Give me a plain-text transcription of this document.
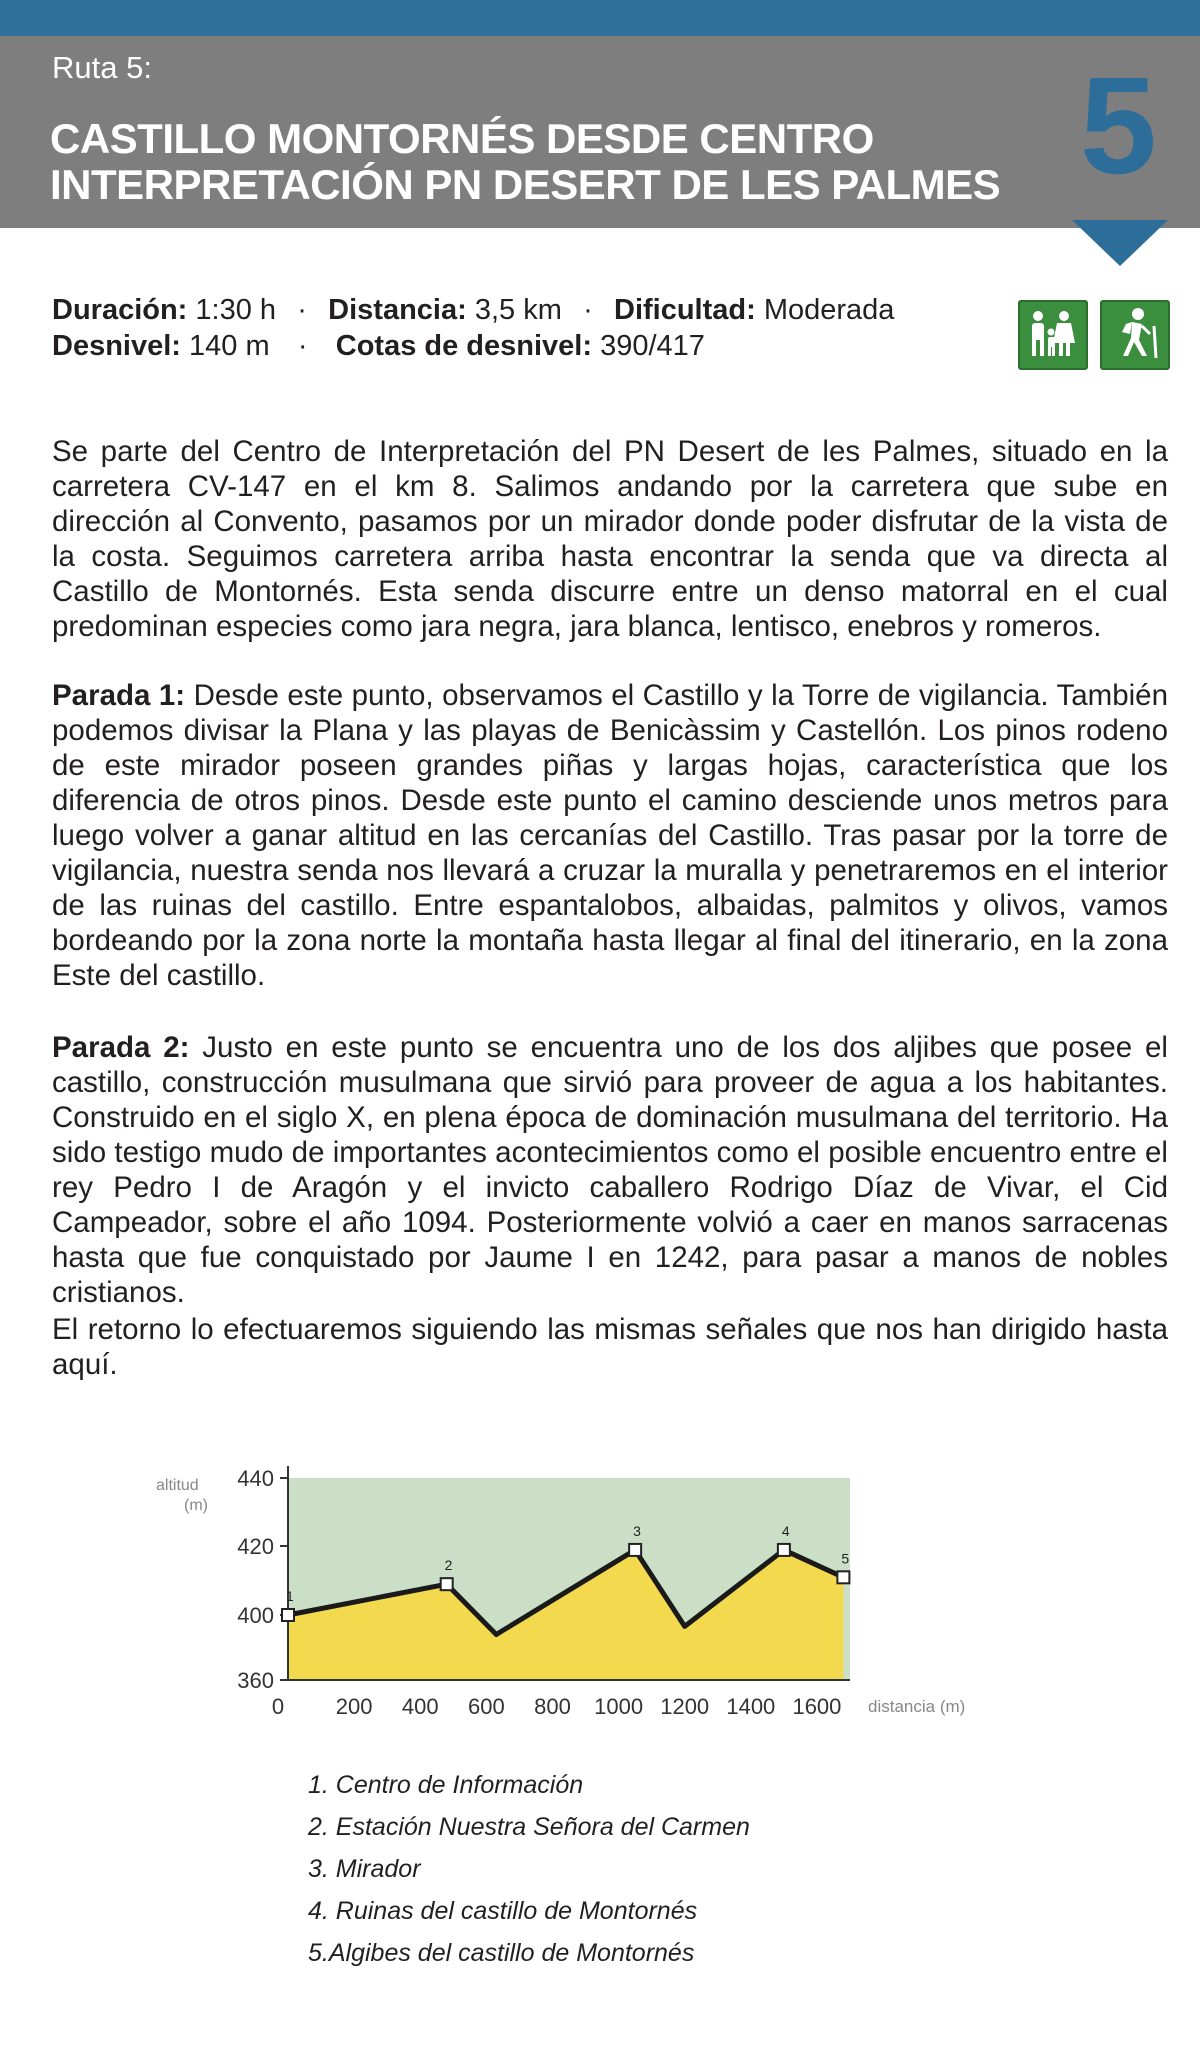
Ruta 5:
CASTILLO MONTORNÉS DESDE CENTRO
INTERPRETACIÓN PN DESERT DE LES PALMES 5
Duración: 1:30 h · Distancia: 3,5 km · Dificultad: Moderada
Desnivel: 140 m · Cotas de desnivel: 390/417

Se parte del Centro de Interpretación del PN Desert de les Palmes, situado en la carretera CV-147 en el km 8. Salimos andando por la carretera que sube en dirección al Convento, pasamos por un mirador donde poder disfrutar de la vista de la costa. Seguimos carretera arriba hasta encontrar la senda que va directa al Castillo de Montornés. Esta senda discurre entre un denso matorral en el cual predominan especies como jara negra, jara blanca, lentisco, enebros y romeros.

Parada 1: Desde este punto, observamos el Castillo y la Torre de vigilancia. También podemos divisar la Plana y las playas de Benicàssim y Castellón. Los pinos rodeno de este mirador poseen grandes piñas y largas hojas, característica que los diferencia de otros pinos. Desde este punto el camino desciende unos metros para luego volver a ganar altitud en las cercanías del Castillo. Tras pasar por la torre de vigilancia, nuestra senda nos llevará a cruzar la muralla y penetraremos en el interior de las ruinas del castillo. Entre espantalobos, albaidas, palmitos y olivos, vamos bordeando por la zona norte la montaña hasta llegar al final del itinerario, en la zona Este del castillo.

Parada 2: Justo en este punto se encuentra uno de los dos aljibes que posee el castillo, construcción musulmana que sirvió para proveer de agua a los habitantes. Construido en el siglo X, en plena época de dominación musulmana del territorio. Ha sido testigo mudo de importantes acontecimientos como el posible encuentro entre el rey Pedro I de Aragón y el invicto caballero Rodrigo Díaz de Vivar, el Cid Campeador, sobre el año 1094. Posteriormente volvió a caer en manos sarracenas hasta que fue conquistado por Jaume I en 1242, para pasar a manos de nobles cristianos.

El retorno lo efectuaremos siguiendo las mismas señales que nos han dirigido hasta aquí.

360
400
420
440
0 200 400 600 800 1000 1200 1400 1600
1
2
3	4
5
altitud
(m)
distancia (m)
1. Centro de Información
2. Estación Nuestra Señora del Carmen
3. Mirador
4. Ruinas del castillo de Montornés
5.Algibes del castillo de Montornés
